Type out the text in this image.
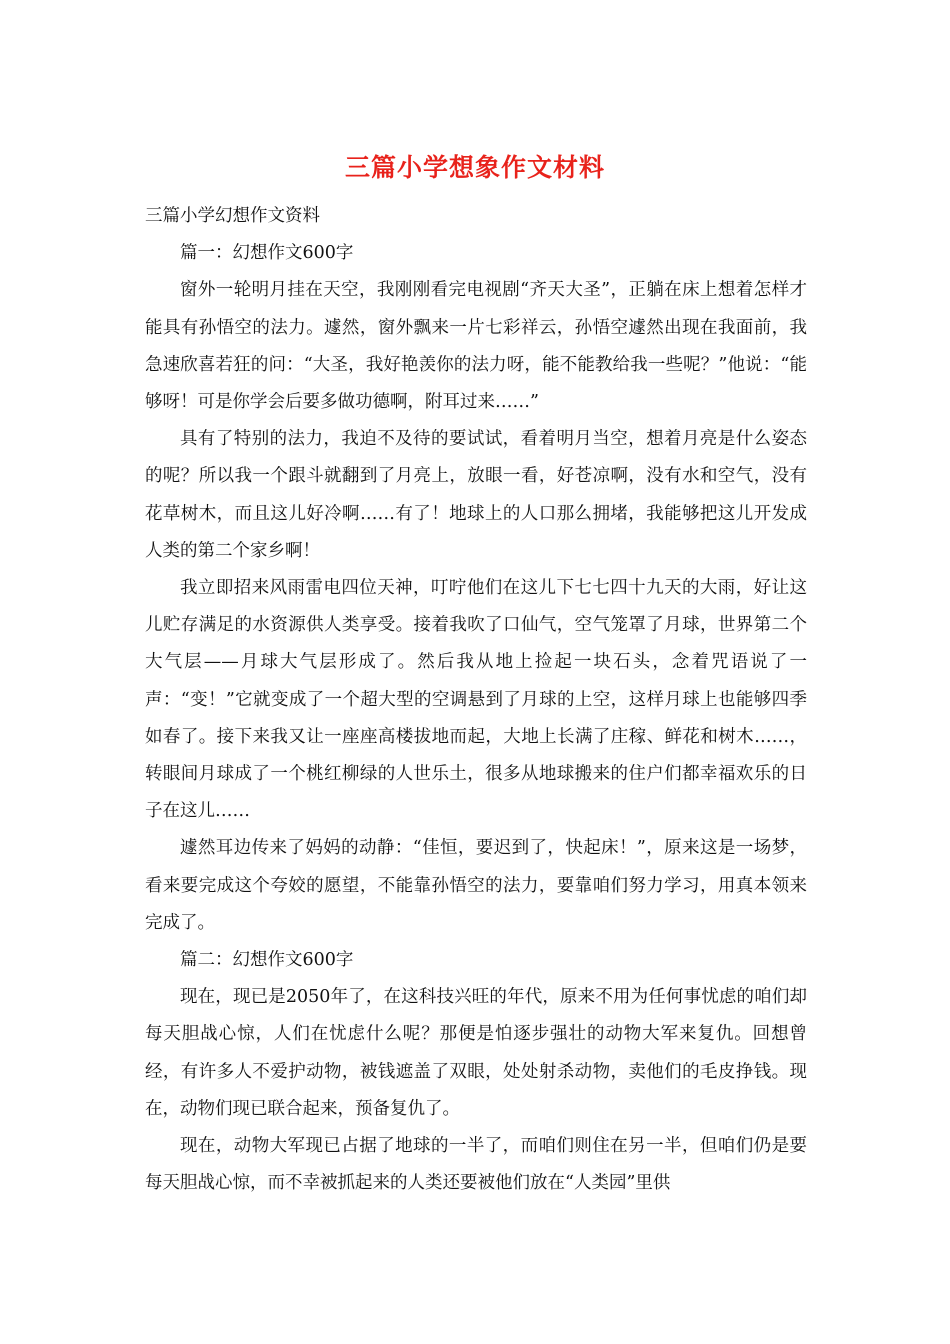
三篇小学想象作文材料

三篇小学幻想作文资料

篇一：幻想作文600字

窗外一轮明月挂在天空，我刚刚看完电视剧“齐天大圣”，正躺在床上想着怎样才能具有孙悟空的法力。遽然，窗外飘来一片七彩祥云，孙悟空遽然出现在我面前，我急速欣喜若狂的问：“大圣，我好艳羡你的法力呀，能不能教给我一些呢？”他说：“能够呀！可是你学会后要多做功德啊，附耳过来……”

具有了特别的法力，我迫不及待的要试试，看着明月当空，想着月亮是什么姿态的呢？所以我一个跟斗就翻到了月亮上，放眼一看，好苍凉啊，没有水和空气，没有花草树木，而且这儿好冷啊……有了！地球上的人口那么拥堵，我能够把这儿开发成人类的第二个家乡啊！

我立即招来风雨雷电四位天神，叮咛他们在这儿下七七四十九天的大雨，好让这儿贮存满足的水资源供人类享受。接着我吹了口仙气，空气笼罩了月球，世界第二个大气层——月球大气层形成了。然后我从地上捡起一块石头，念着咒语说了一声：“变！”它就变成了一个超大型的空调悬到了月球的上空，这样月球上也能够四季如春了。接下来我又让一座座高楼拔地而起，大地上长满了庄稼、鲜花和树木……，转眼间月球成了一个桃红柳绿的人世乐土，很多从地球搬来的住户们都幸福欢乐的日子在这儿……

遽然耳边传来了妈妈的动静：“佳恒，要迟到了，快起床！”，原来这是一场梦，看来要完成这个夸姣的愿望，不能靠孙悟空的法力，要靠咱们努力学习，用真本领来完成了。

篇二：幻想作文600字

现在，现已是2050年了，在这科技兴旺的年代，原来不用为任何事忧虑的咱们却每天胆战心惊，人们在忧虑什么呢？那便是怕逐步强壮的动物大军来复仇。回想曾经，有许多人不爱护动物，被钱遮盖了双眼，处处射杀动物，卖他们的毛皮挣钱。现在，动物们现已联合起来，预备复仇了。

现在，动物大军现已占据了地球的一半了，而咱们则住在另一半，但咱们仍是要每天胆战心惊，而不幸被抓起来的人类还要被他们放在“人类园”里供
